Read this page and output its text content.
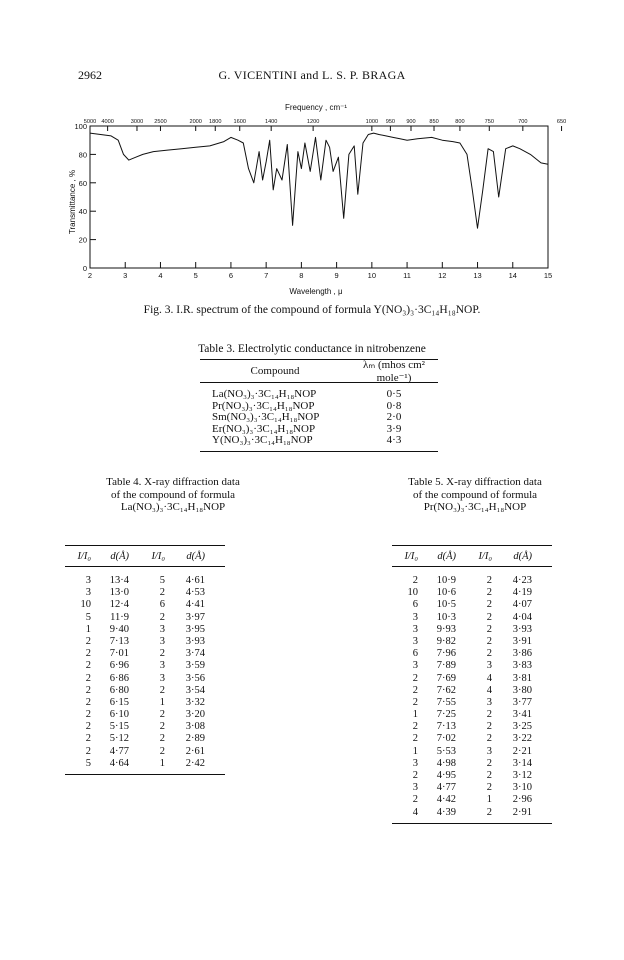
2962	G. VICENTINI and L. S. P. BRAGA
Frequency , cm⁻¹
Wavelength , μ
Transmittance , %
5000 4000	3000 2500	2000 1800 1600	1400	1200	1000 950 900 850	800	750	700	650
2	3	4	5	6	7	8	9	10	11	12	13	14	15
100
80
60
40
20
0
Fig. 3. I.R. spectrum of the compound of formula Y(NO₃)₃·3C₁₄H₁₈NOP.
Table 3. Electrolytic conductance in nitrobenzene
Compound	λₘ (mhos cm² mole⁻¹)
La(NO₃)₃·3C₁₄H₁₈NOP	0·5
Pr(NO₃)₃·3C₁₄H₁₈NOP	0·8
Sm(NO₃)₃·3C₁₄H₁₈NOP	2·0
Er(NO₃)₃·3C₁₄H₁₈NOP	3·9
Y(NO₃)₃·3C₁₄H₁₈NOP	4·3
Table 4. X-ray diffraction data
of the compound of formula
La(NO₃)₃·3C₁₄H₁₈NOP
I/I₀	d(Å)	I/I₀	d(Å)
3	13·4	5	4·61
3	13·0	2	4·53
10	12·4	6	4·41
5	11·9	2	3·97
1	9·40	3	3·95
2	7·13	3	3·93
2	7·01	2	3·74
2	6·96	3	3·59
2	6·86	3	3·56
2	6·80	2	3·54
2	6·15	1	3·32
2	6·10	2	3·20
2	5·15	2	3·08
2	5·12	2	2·89
2	4·77	2	2·61
5	4·64	1	2·42
Table 5. X-ray diffraction data
of the compound of formula
Pr(NO₃)₃·3C₁₄H₁₈NOP
I/I₀	d(Å)	I/I₀	d(Å)
2	10·9	2	4·23
10	10·6	2	4·19
6	10·5	2	4·07
3	10·3	2	4·04
3	9·93	2	3·93
3	9·82	2	3·91
6	7·96	2	3·86
3	7·89	3	3·83
2	7·69	4	3·81
2	7·62	4	3·80
2	7·55	3	3·77
1	7·25	2	3·41
2	7·13	2	3·25
2	7·02	2	3·22
1	5·53	3	2·21
3	4·98	2	3·14
2	4·95	2	3·12
3	4·77	2	3·10
2	4·42	1	2·96
4	4·39	2	2·91
